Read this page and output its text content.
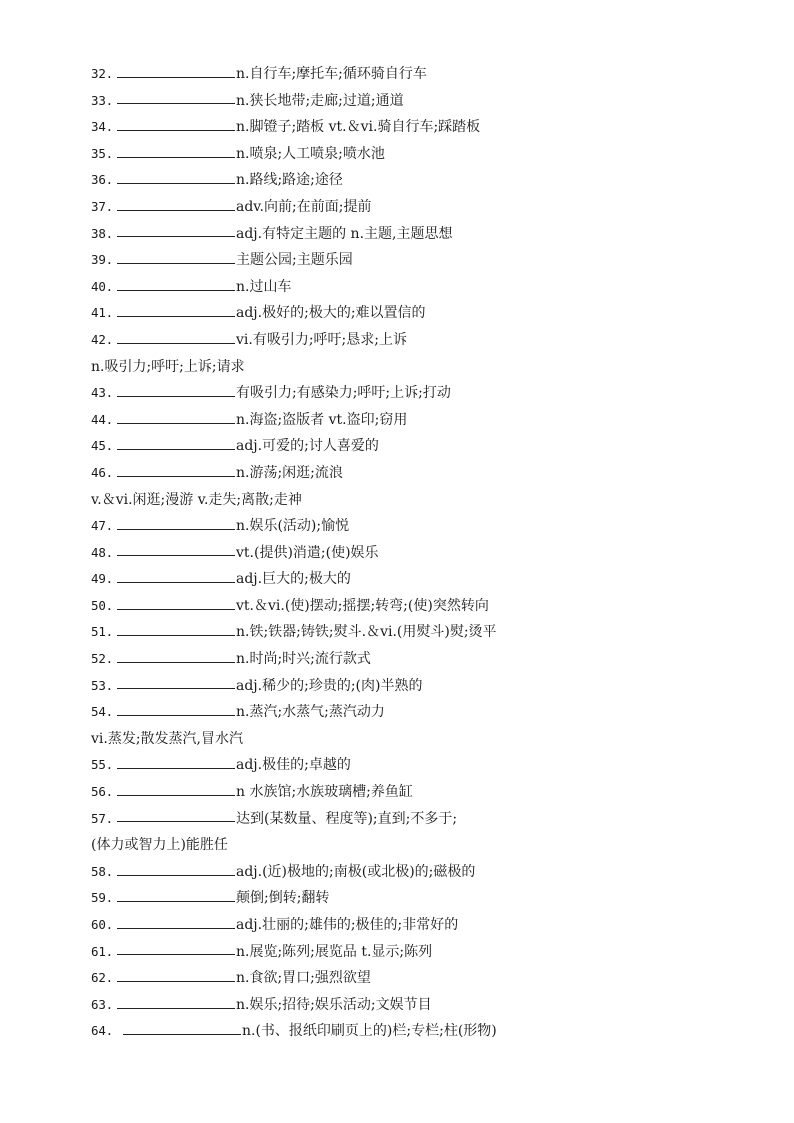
32.	n.自行车;摩托车;循环骑自行车
33.	n.狭长地带;走廊;过道;通道
34.	n.脚镫子;踏板 vt.＆vi.骑自行车;踩踏板
35.	n.喷泉;人工喷泉;喷水池
36.	n.路线;路途;途径
37.	adv.向前;在前面;提前
38.	adj.有特定主题的 n.主题,主题思想
39.	主题公园;主题乐园
40.	n.过山车
41.	adj.极好的;极大的;难以置信的
42.	vi.有吸引力;呼吁;恳求;上诉
n.吸引力;呼吁;上诉;请求
43.	有吸引力;有感染力;呼吁;上诉;打动
44.	n.海盗;盗版者 vt.盗印;窃用
45.	adj.可爱的;讨人喜爱的
46.	n.游荡;闲逛;流浪
v.＆vi.闲逛;漫游 v.走失;离散;走神
47.	n.娱乐(活动);愉悦
48.	vt.(提供)消遣;(使)娱乐
49.	adj.巨大的;极大的
50.	vt.＆vi.(使)摆动;摇摆;转弯;(使)突然转向
51.	n.铁;铁器;铸铁;熨斗.＆vi.(用熨斗)熨;烫平
52.	n.时尚;时兴;流行款式
53.	adj.稀少的;珍贵的;(肉)半熟的
54.	n.蒸汽;水蒸气;蒸汽动力
vi.蒸发;散发蒸汽,冒水汽
55.	adj.极佳的;卓越的
56.	n 水族馆;水族玻璃槽;养鱼缸
57.	达到(某数量、程度等);直到;不多于;
(体力或智力上)能胜任
58.	adj.(近)极地的;南极(或北极)的;磁极的
59.	颠倒;倒转;翻转
60.	adj.壮丽的;雄伟的;极佳的;非常好的
61.	n.展览;陈列;展览品 t.显示;陈列
62.	n.食欲;胃口;强烈欲望
63.	n.娱乐;招待;娱乐活动;文娱节目
64.	n.(书、报纸印刷页上的)栏;专栏;柱(形物)
